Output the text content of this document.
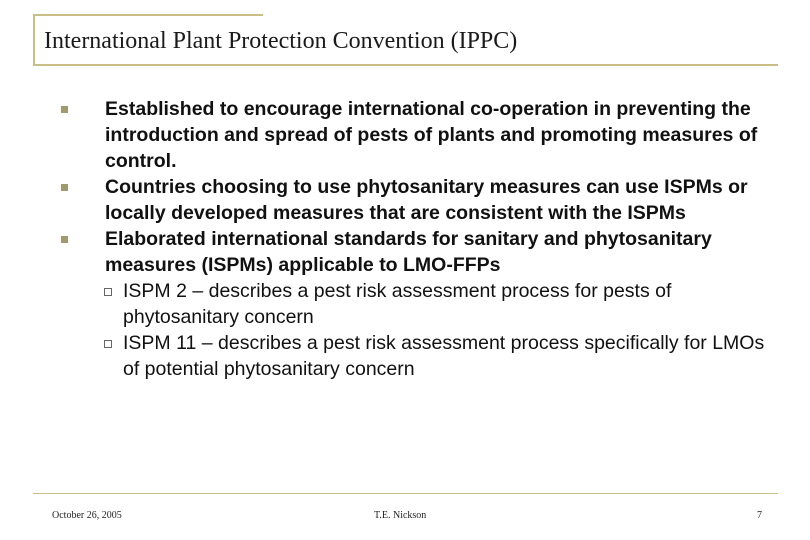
International Plant Protection Convention (IPPC)
Established to encourage international co-operation in preventing the introduction and spread of pests of plants and promoting measures of control.
Countries choosing to use phytosanitary measures can use ISPMs or locally developed measures that are consistent with the ISPMs
Elaborated international standards for sanitary and phytosanitary measures (ISPMs) applicable to LMO-FFPs
ISPM 2 – describes a pest risk assessment process for pests of phytosanitary concern
ISPM 11 – describes a pest risk assessment process specifically for LMOs of potential phytosanitary concern
October 26, 2005	T.E. Nickson	7
